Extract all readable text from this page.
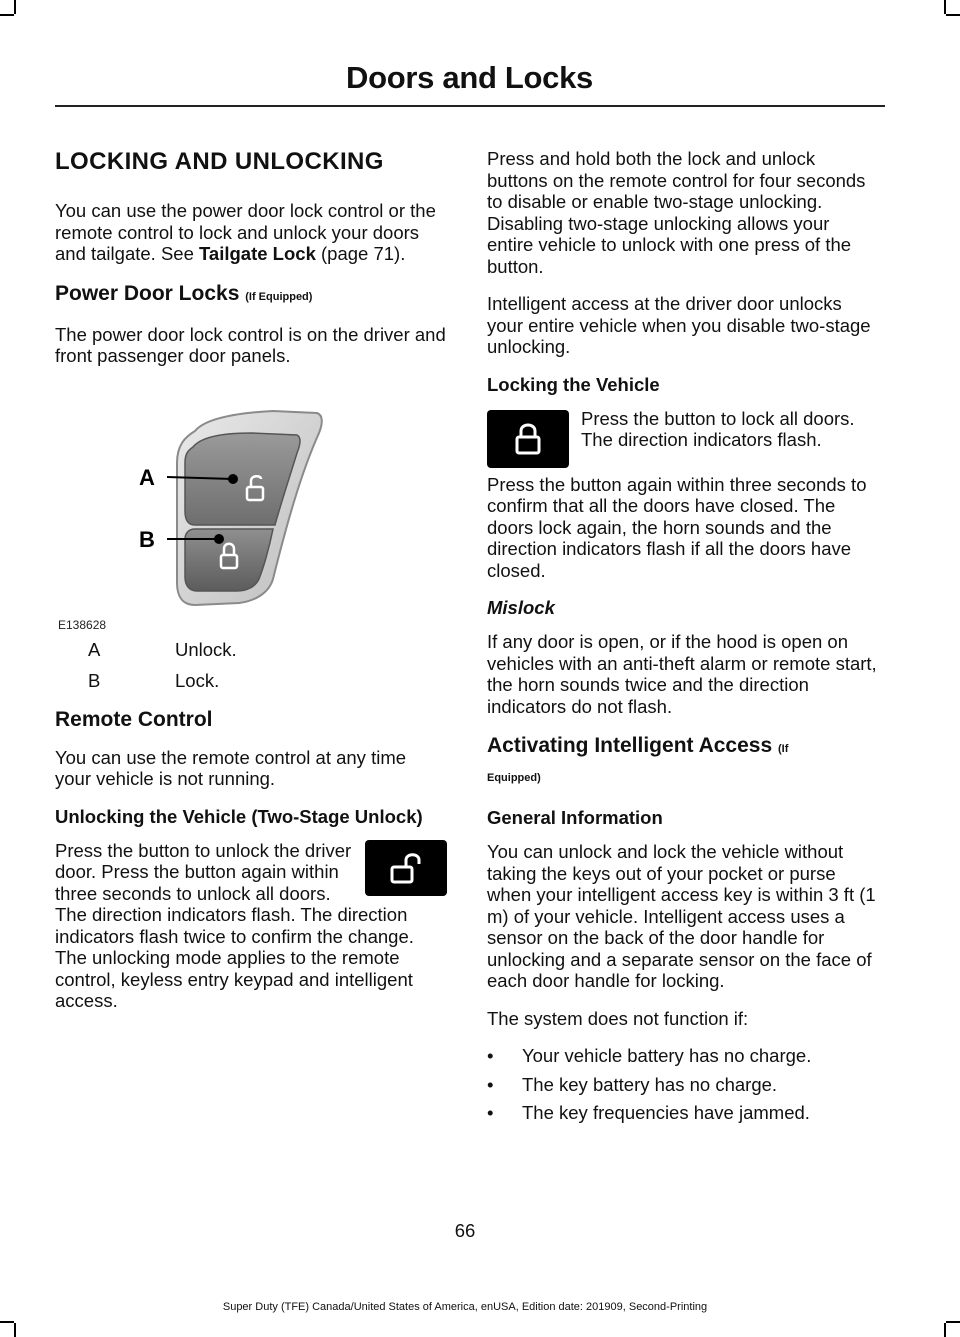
Doors and Locks
LOCKING AND UNLOCKING

You can use the power door lock control or the remote control to lock and unlock your doors and tailgate. See Tailgate Lock (page 71).

Power Door Locks (If Equipped)

The power door lock control is on the driver and front passenger door panels.

A
B
E138628
A	Unlock.
B	Lock.
Remote Control

You can use the remote control at any time your vehicle is not running.

Unlocking the Vehicle (Two-Stage Unlock)

Press the button to unlock the driver door. Press the button again within three seconds to unlock all doors. The direction indicators flash. The direction indicators flash twice to confirm the change. The unlocking mode applies to the remote control, keyless entry keypad and intelligent access.

Press and hold both the lock and unlock buttons on the remote control for four seconds to disable or enable two-stage unlocking. Disabling two-stage unlocking allows your entire vehicle to unlock with one press of the button.

Intelligent access at the driver door unlocks your entire vehicle when you disable two-stage unlocking.

Locking the Vehicle

Press the button to lock all doors. The direction indicators flash.

Press the button again within three seconds to confirm that all the doors have closed. The doors lock again, the horn sounds and the direction indicators flash if all the doors have closed.

Mislock

If any door is open, or if the hood is open on vehicles with an anti-theft alarm or remote start, the horn sounds twice and the direction indicators do not flash.

Activating Intelligent Access (If
Equipped)
General Information

You can unlock and lock the vehicle without taking the keys out of your pocket or purse when your intelligent access key is within 3 ft (1 m) of your vehicle. Intelligent access uses a sensor on the back of the door handle for unlocking and a separate sensor on the face of each door handle for locking.

The system does not function if:

• Your vehicle battery has no charge.
• The key battery has no charge.
• The key frequencies have jammed.
66
Super Duty (TFE) Canada/United States of America, enUSA, Edition date: 201909, Second-Printing
